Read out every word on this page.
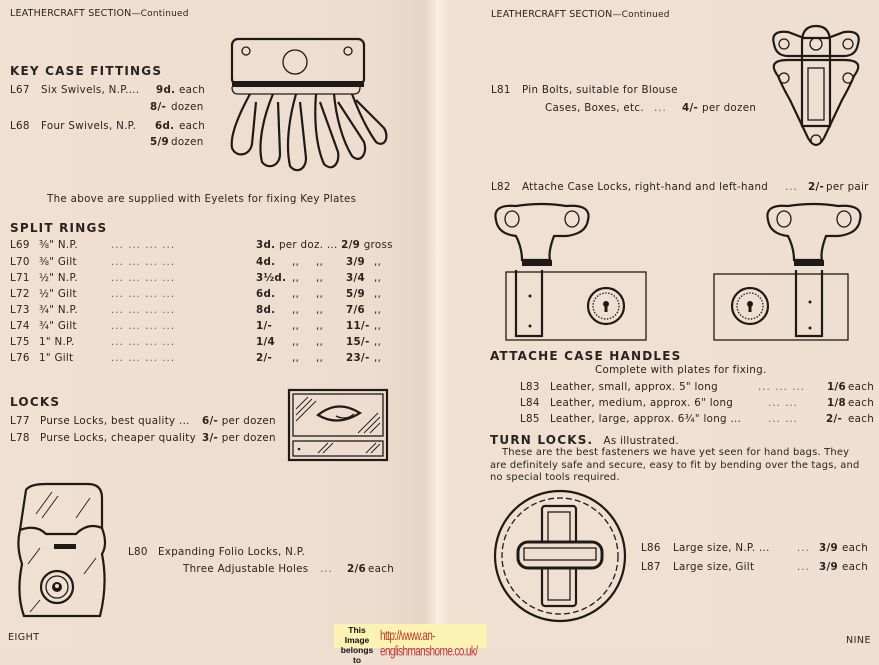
LEATHERCRAFT SECTION—Continued
KEY CASE FITTINGS
L67 Six Swivels, N.P.... 9d. each
8/- dozen
L68 Four Swivels, N.P. 6d. each
5/9 dozen
The above are supplied with Eyelets for fixing Key Plates
SPLIT RINGS
L69 ⅜" N.P.	... ... ... ...	3d. per doz. ... 2/9 gross
L70 ⅜" Gilt	... ... ... ...	4d. ,, ,, 3/9 ,,
L71 ½" N.P.	... ... ... ...	3½d. ,, ,, 3/4 ,,
L72 ½" Gilt	... ... ... ...	6d. ,, ,, 5/9 ,,
L73 ¾" N.P.	... ... ... ...	8d. ,, ,, 7/6 ,,
L74 ¾" Gilt	... ... ... ...	1/- ,, ,, 11/- ,,
L75 1" N.P.	... ... ... ...	1/4 ,, ,, 15/- ,,
L76 1" Gilt	... ... ... ...	2/- ,, ,, 23/- ,,
LOCKS
L77 Purse Locks, best quality ... 6/- per dozen
L78 Purse Locks, cheaper quality 3/- per dozen
L80 Expanding Folio Locks, N.P.
Three Adjustable Holes ... 2/6 each
EIGHT
LEATHERCRAFT SECTION—Continued
L81 Pin Bolts, suitable for Blouse
Cases, Boxes, etc. ... 4/- per dozen
L82 Attache Case Locks, right-hand and left-hand ... 2/- per pair
ATTACHE CASE HANDLES
Complete with plates for fixing.
L83 Leather, small, approx. 5" long	... ... ... 1/6 each
L84 Leather, medium, approx. 6" long	... ...	1/8 each
L85 Leather, large, approx. 6¾" long ...	... ...	2/- each
TURN LOCKS. As illustrated.
These are the best fasteners we have yet seen for hand bags. They
are definitely safe and secure, easy to fit by bending over the tags, and
no special tools required.
L86 Large size, N.P. ...	... 3/9 each
L87 Large size, Gilt	... 3/9 each
NINE
This Image
belongs to
http://www.an-englishmanshome.co.uk/
